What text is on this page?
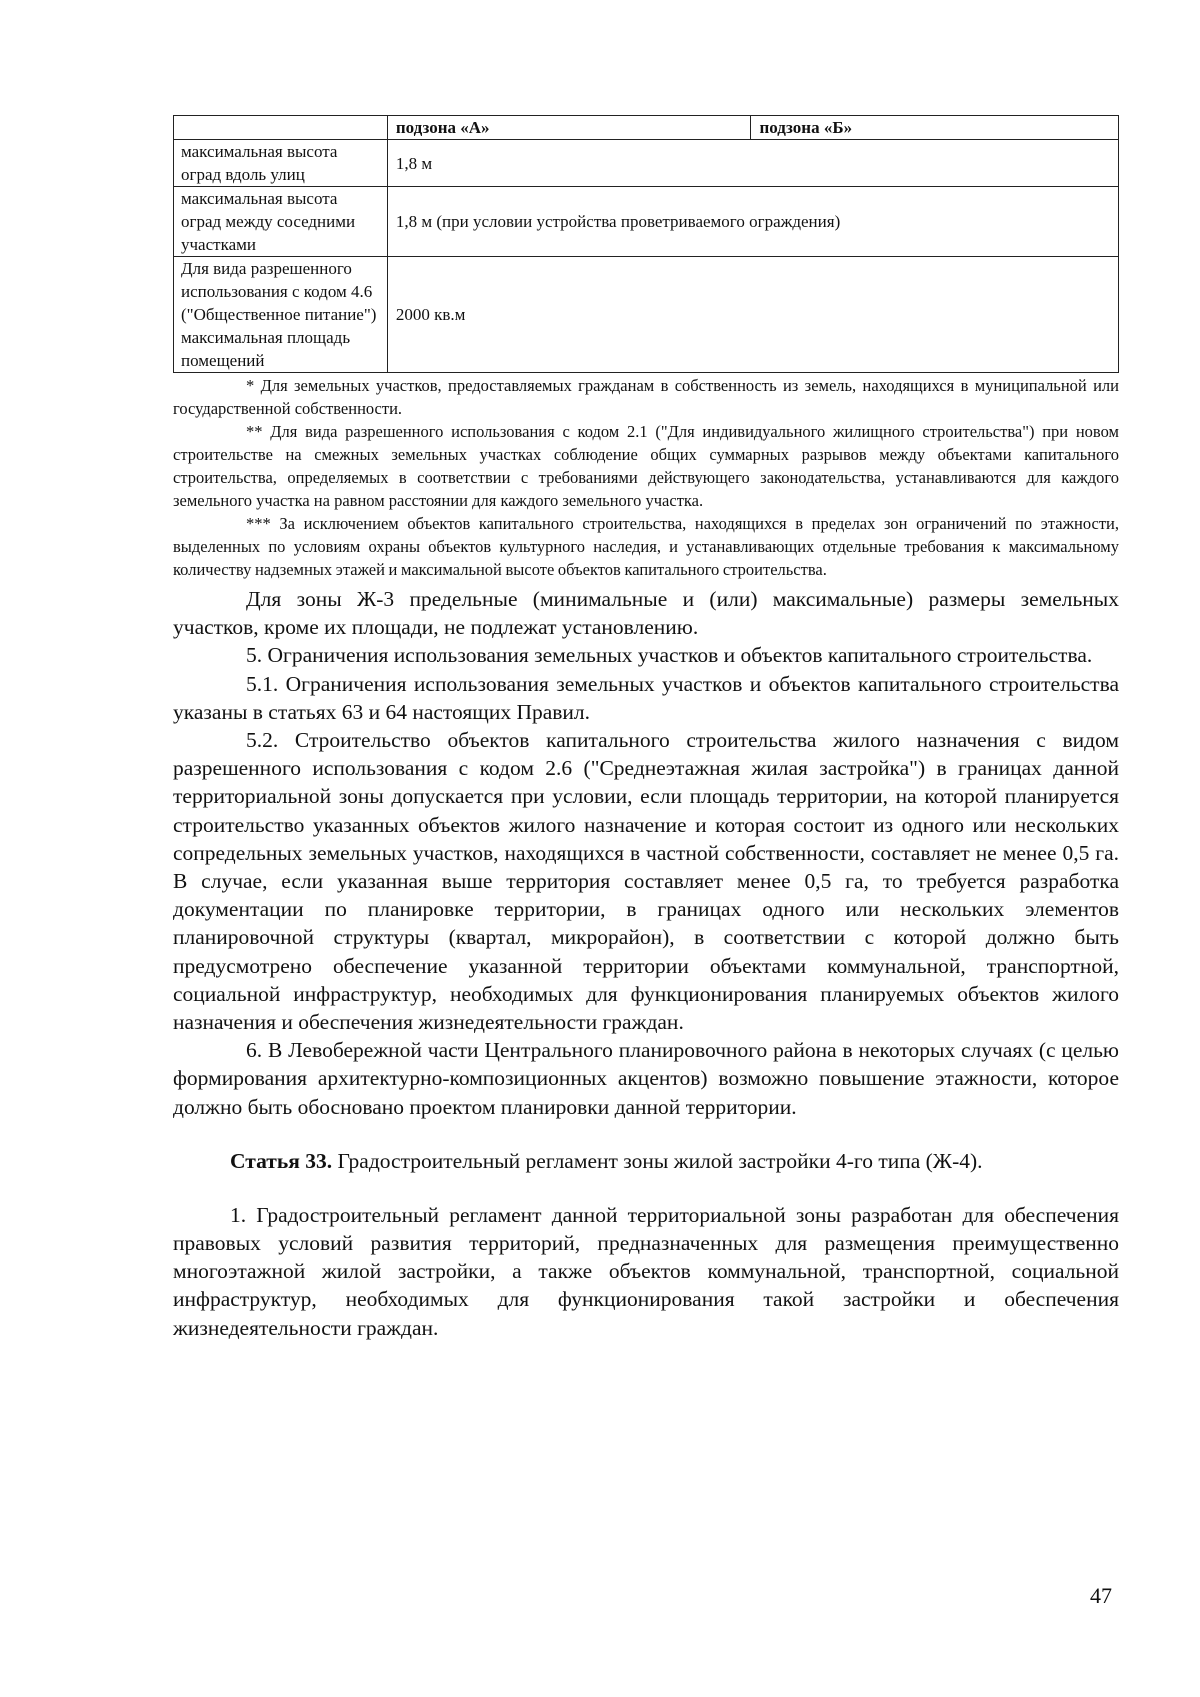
	подзона «А»	подзона «Б»
максимальная высота оград вдоль улиц	1,8 м	
максимальная высота оград между соседними участками	1,8 м (при условии устройства проветриваемого ограждения)	
Для вида разрешенного использования с кодом 4.6 ("Общественное питание") максимальная площадь помещений	2000 кв.м	

* Для земельных участков, предоставляемых гражданам в собственность из земель, находящихся в муниципальной или государственной собственности.

** Для вида разрешенного использования с кодом 2.1 ("Для индивидуального жилищного строительства") при новом строительстве на смежных земельных участках соблюдение общих суммарных разрывов между объектами капитального строительства, определяемых в соответствии с требованиями действующего законодательства, устанавливаются для каждого земельного участка на равном расстоянии для каждого земельного участка.

*** За исключением объектов капитального строительства, находящихся в пределах зон ограничений по этажности, выделенных по условиям охраны объектов культурного наследия, и устанавливающих отдельные требования к максимальному количеству надземных этажей и максимальной высоте объектов капитального строительства.

Для зоны Ж-3 предельные (минимальные и (или) максимальные) размеры земельных участков, кроме их площади, не подлежат установлению.

5. Ограничения использования земельных участков и объектов капитального строительства.

5.1. Ограничения использования земельных участков и объектов капитального строительства указаны в статьях 63 и 64 настоящих Правил.

5.2. Строительство объектов капитального строительства жилого назначения с видом разрешенного использования с кодом 2.6 ("Среднеэтажная жилая застройка") в границах данной территориальной зоны допускается при условии, если площадь территории, на которой планируется строительство указанных объектов жилого назначение и которая состоит из одного или нескольких сопредельных земельных участков, находящихся в частной собственности, составляет не менее 0,5 га. В случае, если указанная выше территория составляет менее 0,5 га, то требуется разработка документации по планировке территории, в границах одного или нескольких элементов планировочной структуры (квартал, микрорайон), в соответствии с которой должно быть предусмотрено обеспечение указанной территории объектами коммунальной, транспортной, социальной инфраструктур, необходимых для функционирования планируемых объектов жилого назначения и обеспечения жизнедеятельности граждан.

6. В Левобережной части Центрального планировочного района в некоторых случаях (с целью формирования архитектурно-композиционных акцентов) возможно повышение этажности, которое должно быть обосновано проектом планировки данной территории.

Статья 33. Градостроительный регламент зоны жилой застройки 4-го типа (Ж-4).

1. Градостроительный регламент данной территориальной зоны разработан для обеспечения правовых условий развития территорий, предназначенных для размещения преимущественно многоэтажной жилой застройки, а также объектов коммунальной, транспортной, социальной инфраструктур, необходимых для функционирования такой застройки и обеспечения жизнедеятельности граждан.

47
